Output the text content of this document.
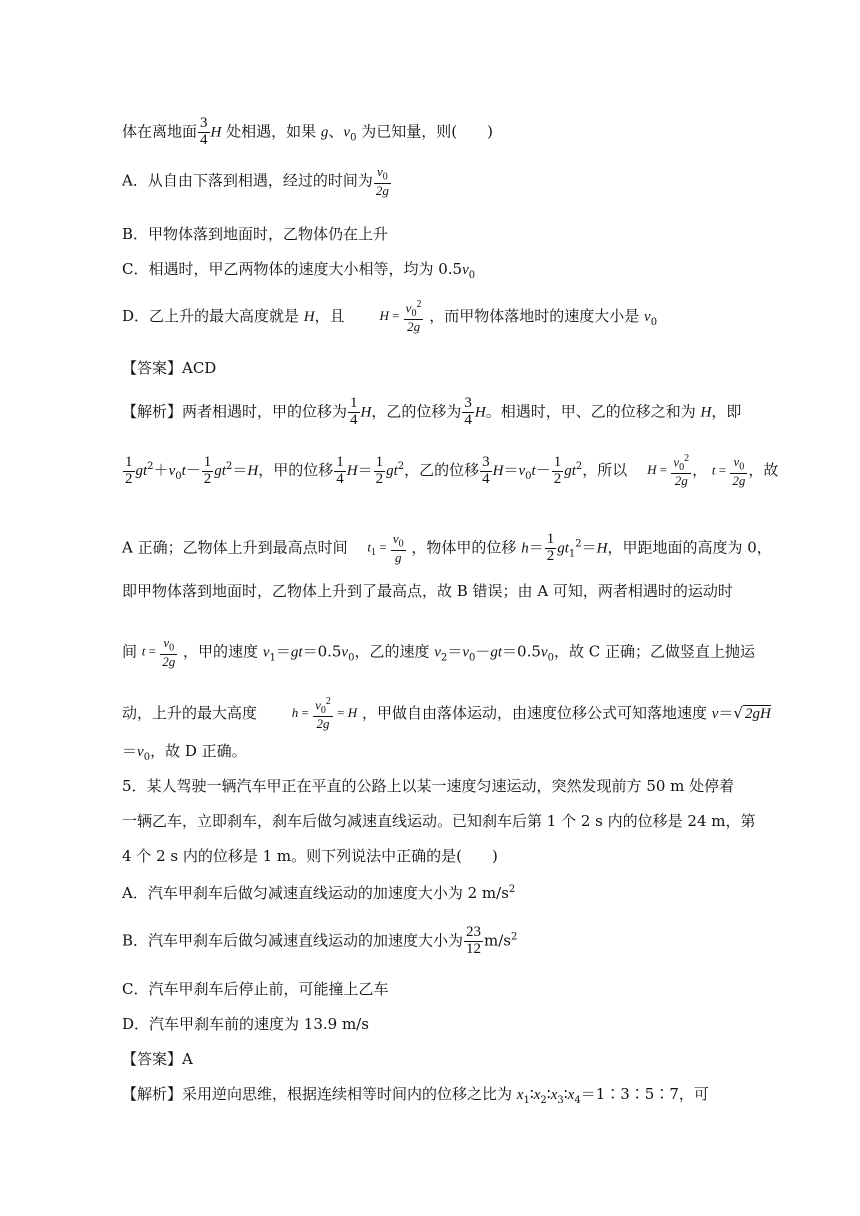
体在离地面 $\frac{3}{4}$ H 处相遇，如果 g、$v_0$ 为已知量，则(　　)
A．从自由下落到相遇，经过的时间为 $\frac{v_0}{2g}$
B．甲物体落到地面时，乙物体仍在上升
C．相遇时，甲乙两物体的速度大小相等，均为 $0.5v_0$
D．乙上升的最大高度就是 H，且　　 $H = \frac{v_0^2}{2g}$ ，而甲物体落地时的速度大小是 $v_0$
【答案】ACD
【解析】两者相遇时，甲的位移为 $\frac{1}{4}$ H，乙的位移为 $\frac{3}{4}$ H。相遇时，甲、乙的位移之和为 H，即
$\frac{1}{2} gt^2+v_0t- \frac{1}{2} gt^2=H$，甲的位移 $\frac{1}{4} H= \frac{1}{2} gt^2$，乙的位移 $\frac{3}{4} H=v_0t- \frac{1}{2} gt^2$，所以　 $H = \frac{v_0^2}{2g}$ ， $t = \frac{v_0}{2g}$ ，故
A 正确；乙物体上升到最高点时间　 $t_1 = \frac{v_0}{g}$ ，物体甲的位移 $h= \frac{1}{2} gt_1^2=H$，甲距地面的高度为 0，
即甲物体落到地面时，乙物体上升到了最高点，故 B 错误；由 A 可知，两者相遇时的运动时
间 $t = \frac{v_0}{2g}$ ，甲的速度 $v_1=gt=0.5v_0$，乙的速度 $v_2=v_0-gt=0.5v_0$，故 C 正确；乙做竖直上抛运
动，上升的最大高度　　 $h = \frac{v_0^2}{2g} = H$ ，甲做自由落体运动，由速度位移公式可知落地速度 v＝√ 2gH
$=v_0$，故 D 正确。
5．某人驾驶一辆汽车甲正在平直的公路上以某一速度匀速运动，突然发现前方 50 m 处停着
一辆乙车，立即刹车，刹车后做匀减速直线运动。已知刹车后第 1 个 2 s 内的位移是 24 m，第
4 个 2 s 内的位移是 1 m。则下列说法中正确的是(　　)
A．汽车甲刹车后做匀减速直线运动的加速度大小为 2 $m/s^2$
B．汽车甲刹车后做匀减速直线运动的加速度大小为 $\frac{23}{12} m/s^2$
C．汽车甲刹车后停止前，可能撞上乙车
D．汽车甲刹车前的速度为 13.9 m/s
【答案】A
【解析】采用逆向思维，根据连续相等时间内的位移之比为 $x_1∶x_2∶x_3∶x_4=1∶3∶5∶7$，可
